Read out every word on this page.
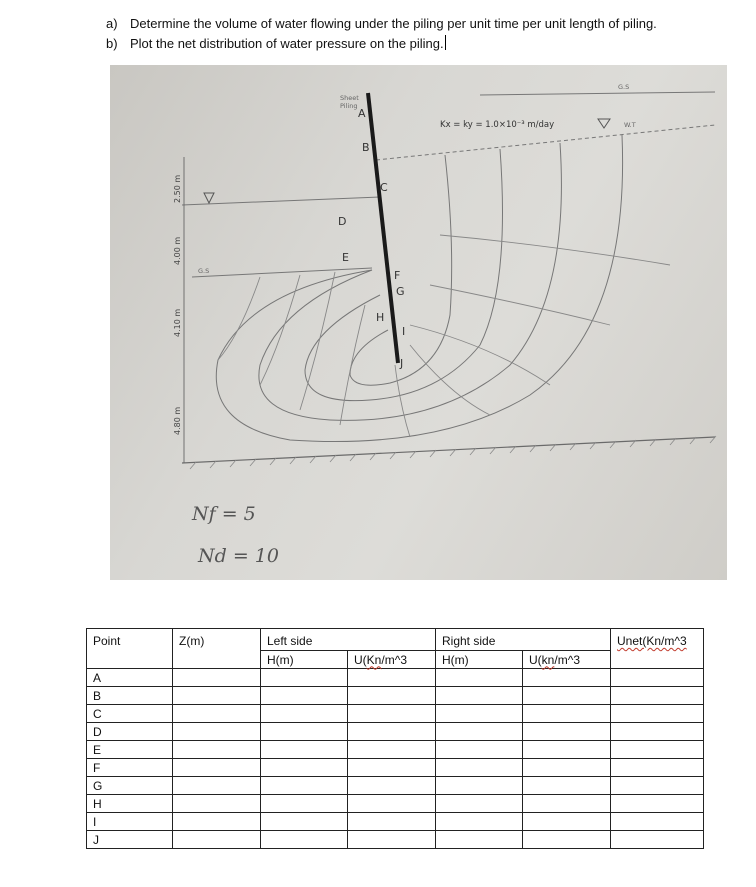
a) Determine the volume of water flowing under the piling per unit time per unit length of piling.
b) Plot the net distribution of water pressure on the piling.
A
B
C
D
E
F
G
H
I
J
Sheet
Piling
Kx = ky = 1.0×10⁻³ m/day
G.S
W.T
G.S
2.50 m
4.00 m
4.10 m
4.80 m
Nf = 5
Nd = 10
Point	Z(m)	Left side		Right side		Unet(Kn/m^3
		H(m)	U(Kn/m^3	H(m)	U(kn/m^3	
A						
B						
C						
D						
E						
F						
G						
H						
I						
J						
